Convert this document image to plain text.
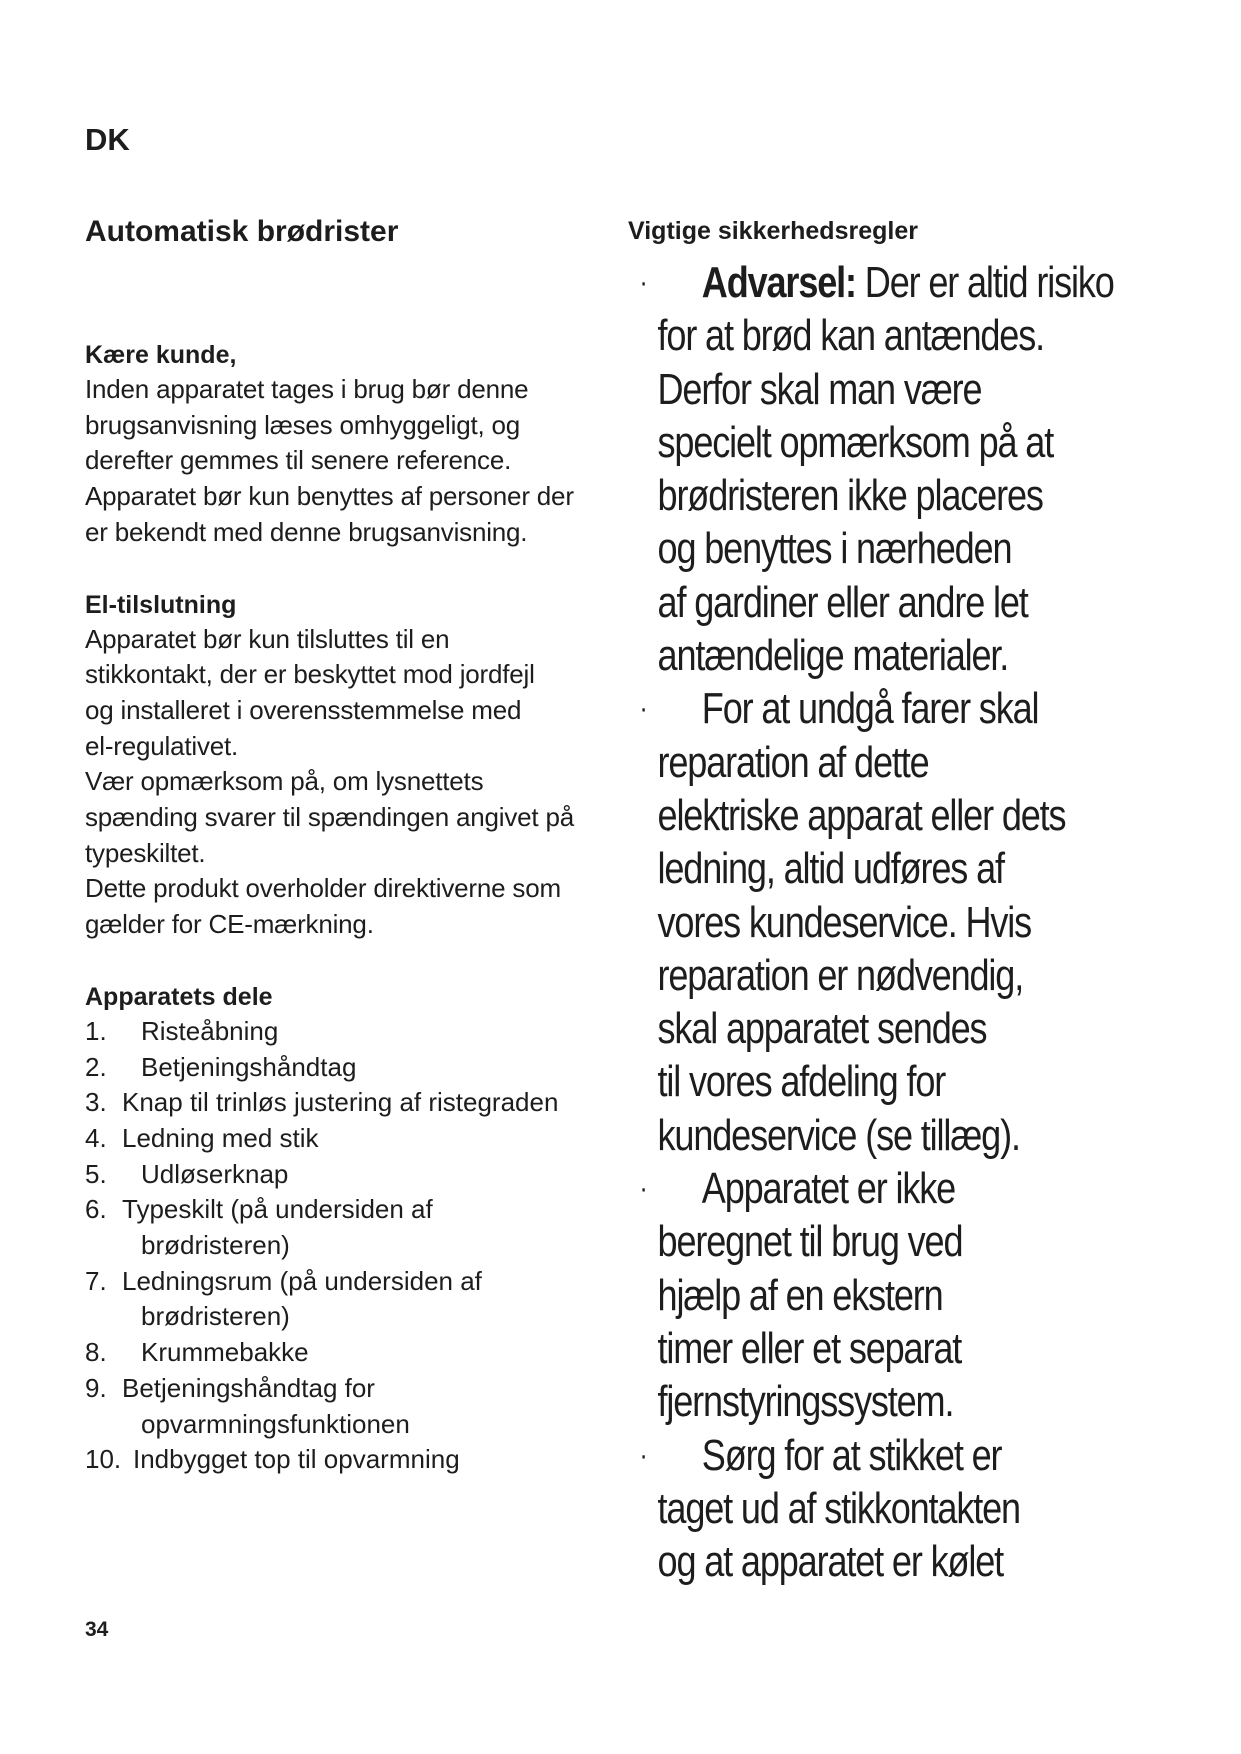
DK
Automatisk brødrister
Kære kunde,

Inden apparatet tages i brug bør denne

brugsanvisning læses omhyggeligt, og

derefter gemmes til senere reference.

Apparatet bør kun benyttes af personer der

er bekendt med denne brugsanvisning.

El-tilslutning

Apparatet bør kun tilsluttes til en

stikkontakt, der er beskyttet mod jordfejl

og installeret i overensstemmelse med

el-regulativet.

Vær opmærksom på, om lysnettets

spænding svarer til spændingen angivet på

typeskiltet.

Dette produkt overholder direktiverne som

gælder for CE-mærkning.

Apparatets dele
1. Risteåbning
2. Betjeningshåndtag
3. Knap til trinløs justering af ristegraden
4. Ledning med stik
5. Udløserknap
6. Typeskilt (på undersiden af
brødristeren)
7. Ledningsrum (på undersiden af
brødristeren)
8. Krummebakke
9. Betjeningshåndtag for
opvarmningsfunktionen
10. Indbygget top til opvarmning
34
Vigtige sikkerhedsregler
·	Advarsel: Der er altid risiko
for at brød kan antændes.
Derfor skal man være
specielt opmærksom på at
brødristeren ikke placeres
og benyttes i nærheden
af gardiner eller andre let
antændelige materialer.
·	For at undgå farer skal
reparation af dette
elektriske apparat eller dets
ledning, altid udføres af
vores kundeservice. Hvis
reparation er nødvendig,
skal apparatet sendes
til vores afdeling for
kundeservice (se tillæg).
·	Apparatet er ikke
beregnet til brug ved
hjælp af en ekstern
timer eller et separat
fjernstyringssystem.
·	Sørg for at stikket er
taget ud af stikkontakten
og at apparatet er kølet
